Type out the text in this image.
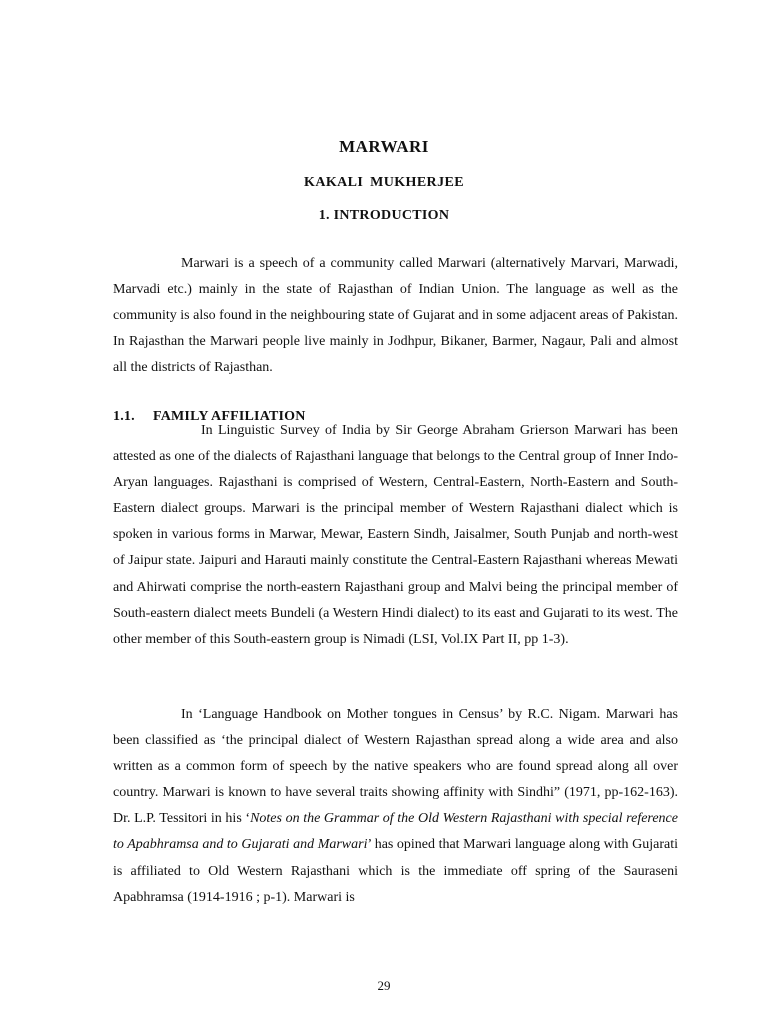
MARWARI
KAKALI MUKHERJEE
1. INTRODUCTION

Marwari is a speech of a community called Marwari (alternatively Marvari, Marwadi, Marvadi etc.) mainly in the state of Rajasthan of Indian Union. The language as well as the community is also found in the neighbouring state of Gujarat and in some adjacent areas of Pakistan. In Rajasthan the Marwari people live mainly in Jodhpur, Bikaner, Barmer, Nagaur, Pali and almost all the districts of Rajasthan.

1.1. FAMILY AFFILIATION

In Linguistic Survey of India by Sir George Abraham Grierson Marwari has been attested as one of the dialects of Rajasthani language that belongs to the Central group of Inner Indo-Aryan languages. Rajasthani is comprised of Western, Central-Eastern, North-Eastern and South-Eastern dialect groups. Marwari is the principal member of Western Rajasthani dialect which is spoken in various forms in Marwar, Mewar, Eastern Sindh, Jaisalmer, South Punjab and north-west of Jaipur state. Jaipuri and Harauti mainly constitute the Central-Eastern Rajasthani whereas Mewati and Ahirwati comprise the north-eastern Rajasthani group and Malvi being the principal member of South-eastern dialect meets Bundeli (a Western Hindi dialect) to its east and Gujarati to its west. The other member of this South-eastern group is Nimadi (LSI, Vol.IX Part II, pp 1-3).

In ‘Language Handbook on Mother tongues in Census’ by R.C. Nigam. Marwari has been classified as ‘the principal dialect of Western Rajasthan spread along a wide area and also written as a common form of speech by the native speakers who are found spread along all over country. Marwari is known to have several traits showing affinity with Sindhi” (1971, pp-162-163). Dr. L.P. Tessitori in his ‘Notes on the Grammar of the Old Western Rajasthani with special reference to Apabhramsa and to Gujarati and Marwari’ has opined that Marwari language along with Gujarati is affiliated to Old Western Rajasthani which is the immediate off spring of the Sauraseni Apabhramsa (1914-1916 ; p-1). Marwari is

29
